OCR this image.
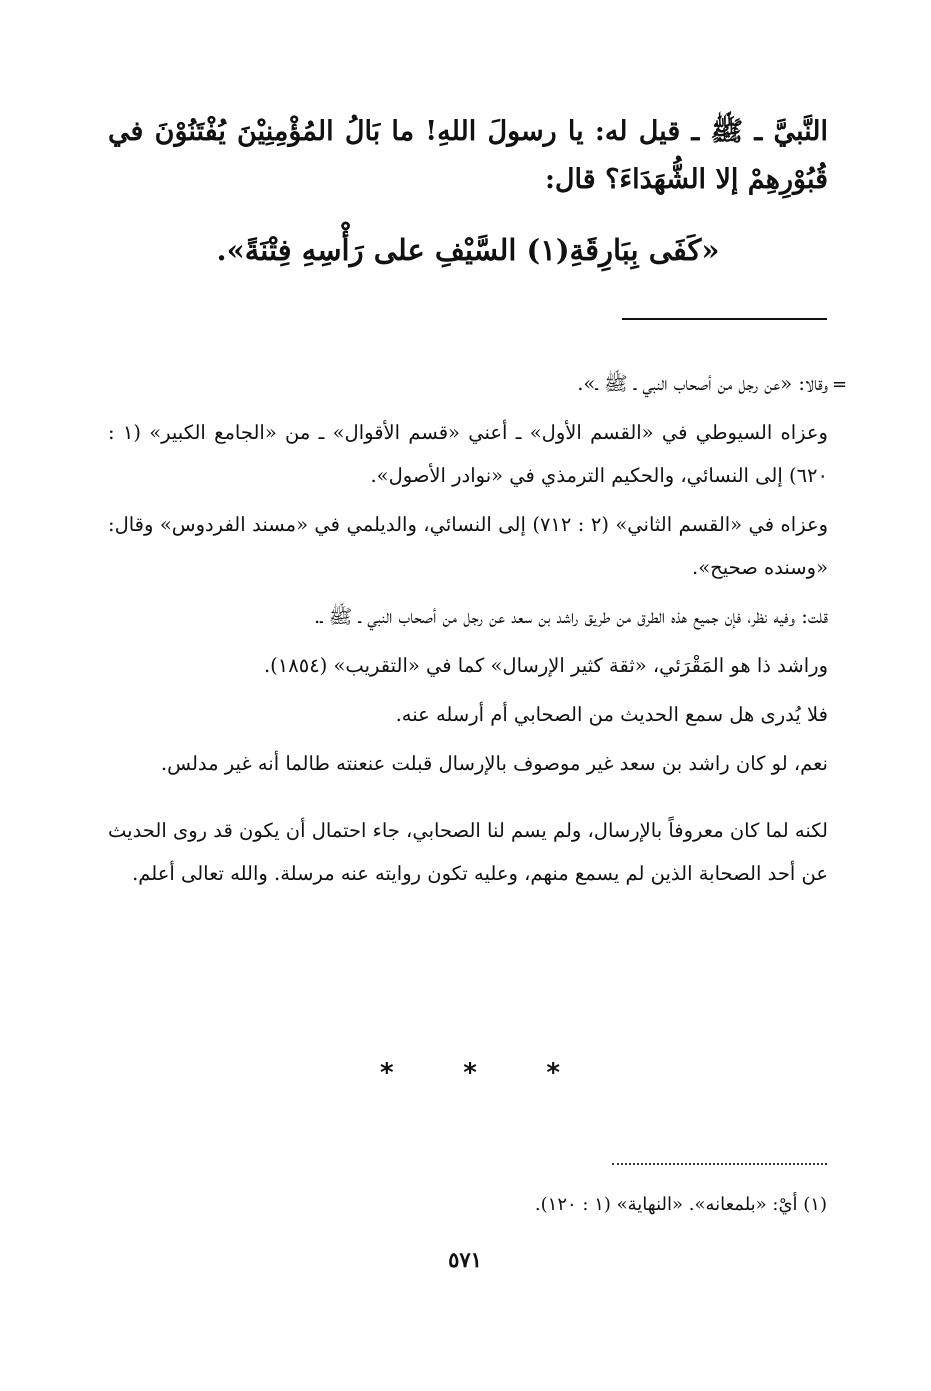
النَّبيَّ ـ ﷺ ـ قيل له: يا رسولَ اللهِ! ما بَالُ المُؤْمِنِيْنَ يُفْتَنُوْنَ في قُبُوْرِهِمْ إلا الشُّهَدَاءَ؟ قال:
«كَفَى بِبَارِقَةِ(١) السَّيْفِ على رَأْسِهِ فِتْنَةً».
=

وقالا: «عن رجل من أصحاب النبي ـ ﷺ ـ».

وعزاه السيوطي في «القسم الأول» ـ أعني «قسم الأقوال» ـ من «الجامع الكبير» (١ : ٦٢٠) إلى النسائي، والحكيم الترمذي في «نوادر الأصول».

وعزاه في «القسم الثاني» (٢ : ٧١٢) إلى النسائي، والديلمي في «مسند الفردوس» وقال: «وسنده صحيح».

قلت: وفيه نظر، فإن جميع هذه الطرق من طريق راشد بن سعد عن رجل من أصحاب النبي ـ ﷺ ـ.

وراشد ذا هو المَقْرَئي، «ثقة كثير الإرسال» كما في «التقريب» (١٨٥٤).

فلا يُدرى هل سمع الحديث من الصحابي أم أرسله عنه.

نعم، لو كان راشد بن سعد غير موصوف بالإرسال قبلت عنعنته طالما أنه غير مدلس.

لكنه لما كان معروفاً بالإرسال، ولم يسم لنا الصحابي، جاء احتمال أن يكون قد روى الحديث عن أحد الصحابة الذين لم يسمع منهم، وعليه تكون روايته عنه مرسلة. والله تعالى أعلم.

*	*	*
(١) أيْ: «بلمعانه». «النهاية» (١ : ١٢٠).
٥٧١
